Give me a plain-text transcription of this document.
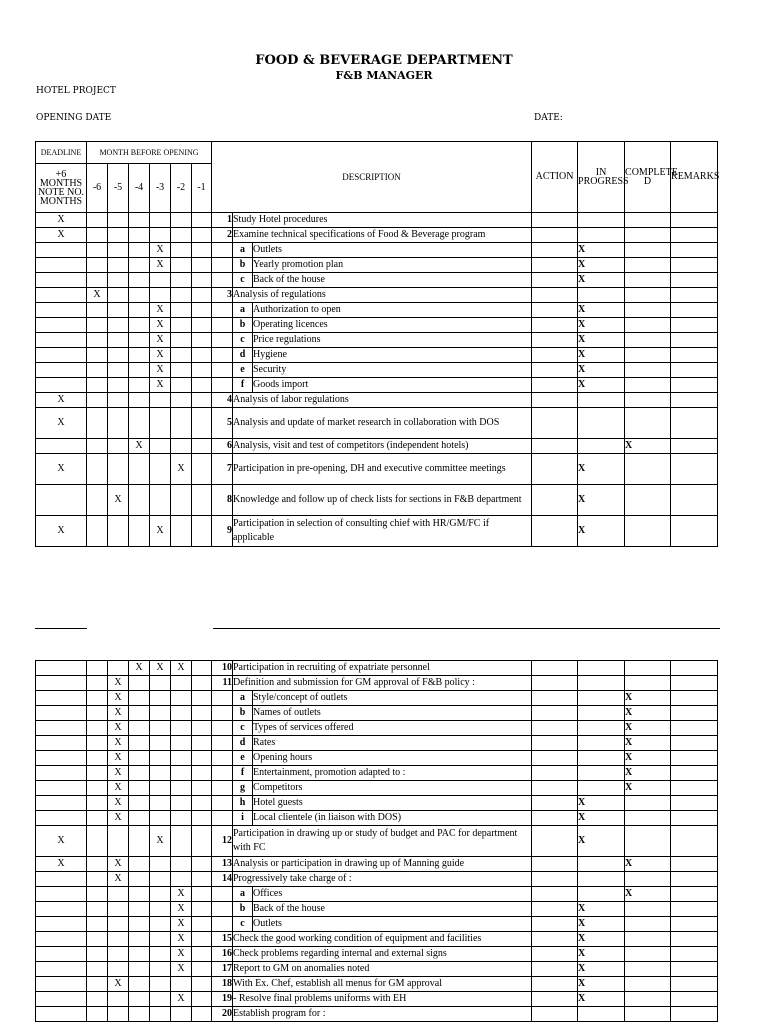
FOOD & BEVERAGE DEPARTMENT
F&B MANAGER
HOTEL PROJECT
OPENING DATE	DATE:
DEADLINE	MONTH BEFORE OPENING						DESCRIPTION			ACTION	IN PROGRESS	COMPLETE D	REMARKS
+6 MONTHS NOTE NO. MONTHS	-6	-5	-4	-3	-2	-1							
X							1	Study Hotel procedures					
X							2	Examine technical specifications of Food & Beverage program					
				X				a	Outlets		X		
				X				b	Yearly promotion plan		X		
								c	Back of the house		X		
	X						3	Analysis of regulations					
				X				a	Authorization to open		X		
				X				b	Operating licences		X		
				X				c	Price regulations		X		
				X				d	Hygiene		X		
				X				e	Security		X		
				X				f	Goods import		X		
X							4	Analysis of labor regulations					
X							5	Analysis and update of market research in collaboration with DOS					
			X				6	Analysis, visit and test of competitors (independent hotels)				X	
X					X		7	Participation in pre-opening, DH and executive committee meetings			X		
		X					8	Knowledge and follow up of check lists for sections in F&B department			X		
X				X			9	Participation in selection of consulting chief with HR/GM/FC if applicable			X		
			X	X	X		10	Participation in recruiting of expatriate personnel					
		X					11	Definition and submission for GM approval of F&B policy :					
		X						a	Style/concept of outlets			X	
		X						b	Names of outlets			X	
		X						c	Types of services offered			X	
		X						d	Rates			X	
		X						e	Opening hours			X	
		X						f	Entertainment, promotion adapted to :			X	
		X						g	Competitors			X	
		X						h	Hotel guests		X		
		X						i	Local clientele (in liaison with DOS)		X		
X				X			12	Participation in drawing up or study of budget and PAC for department with FC			X		
X		X					13	Analysis or participation in drawing up of Manning guide				X	
		X					14	Progressively take charge of :					
					X			a	Offices			X	
					X			b	Back of the house		X		
					X			c	Outlets		X		
					X		15	Check the good working condition of equipment and facilities			X		
					X		16	Check problems regarding internal and external signs			X		
					X		17	Report to GM on anomalies noted			X		
		X					18	With Ex. Chef, establish all menus for GM approval			X		
					X		19	- Resolve final problems uniforms with EH			X		
							20	Establish program for :					
